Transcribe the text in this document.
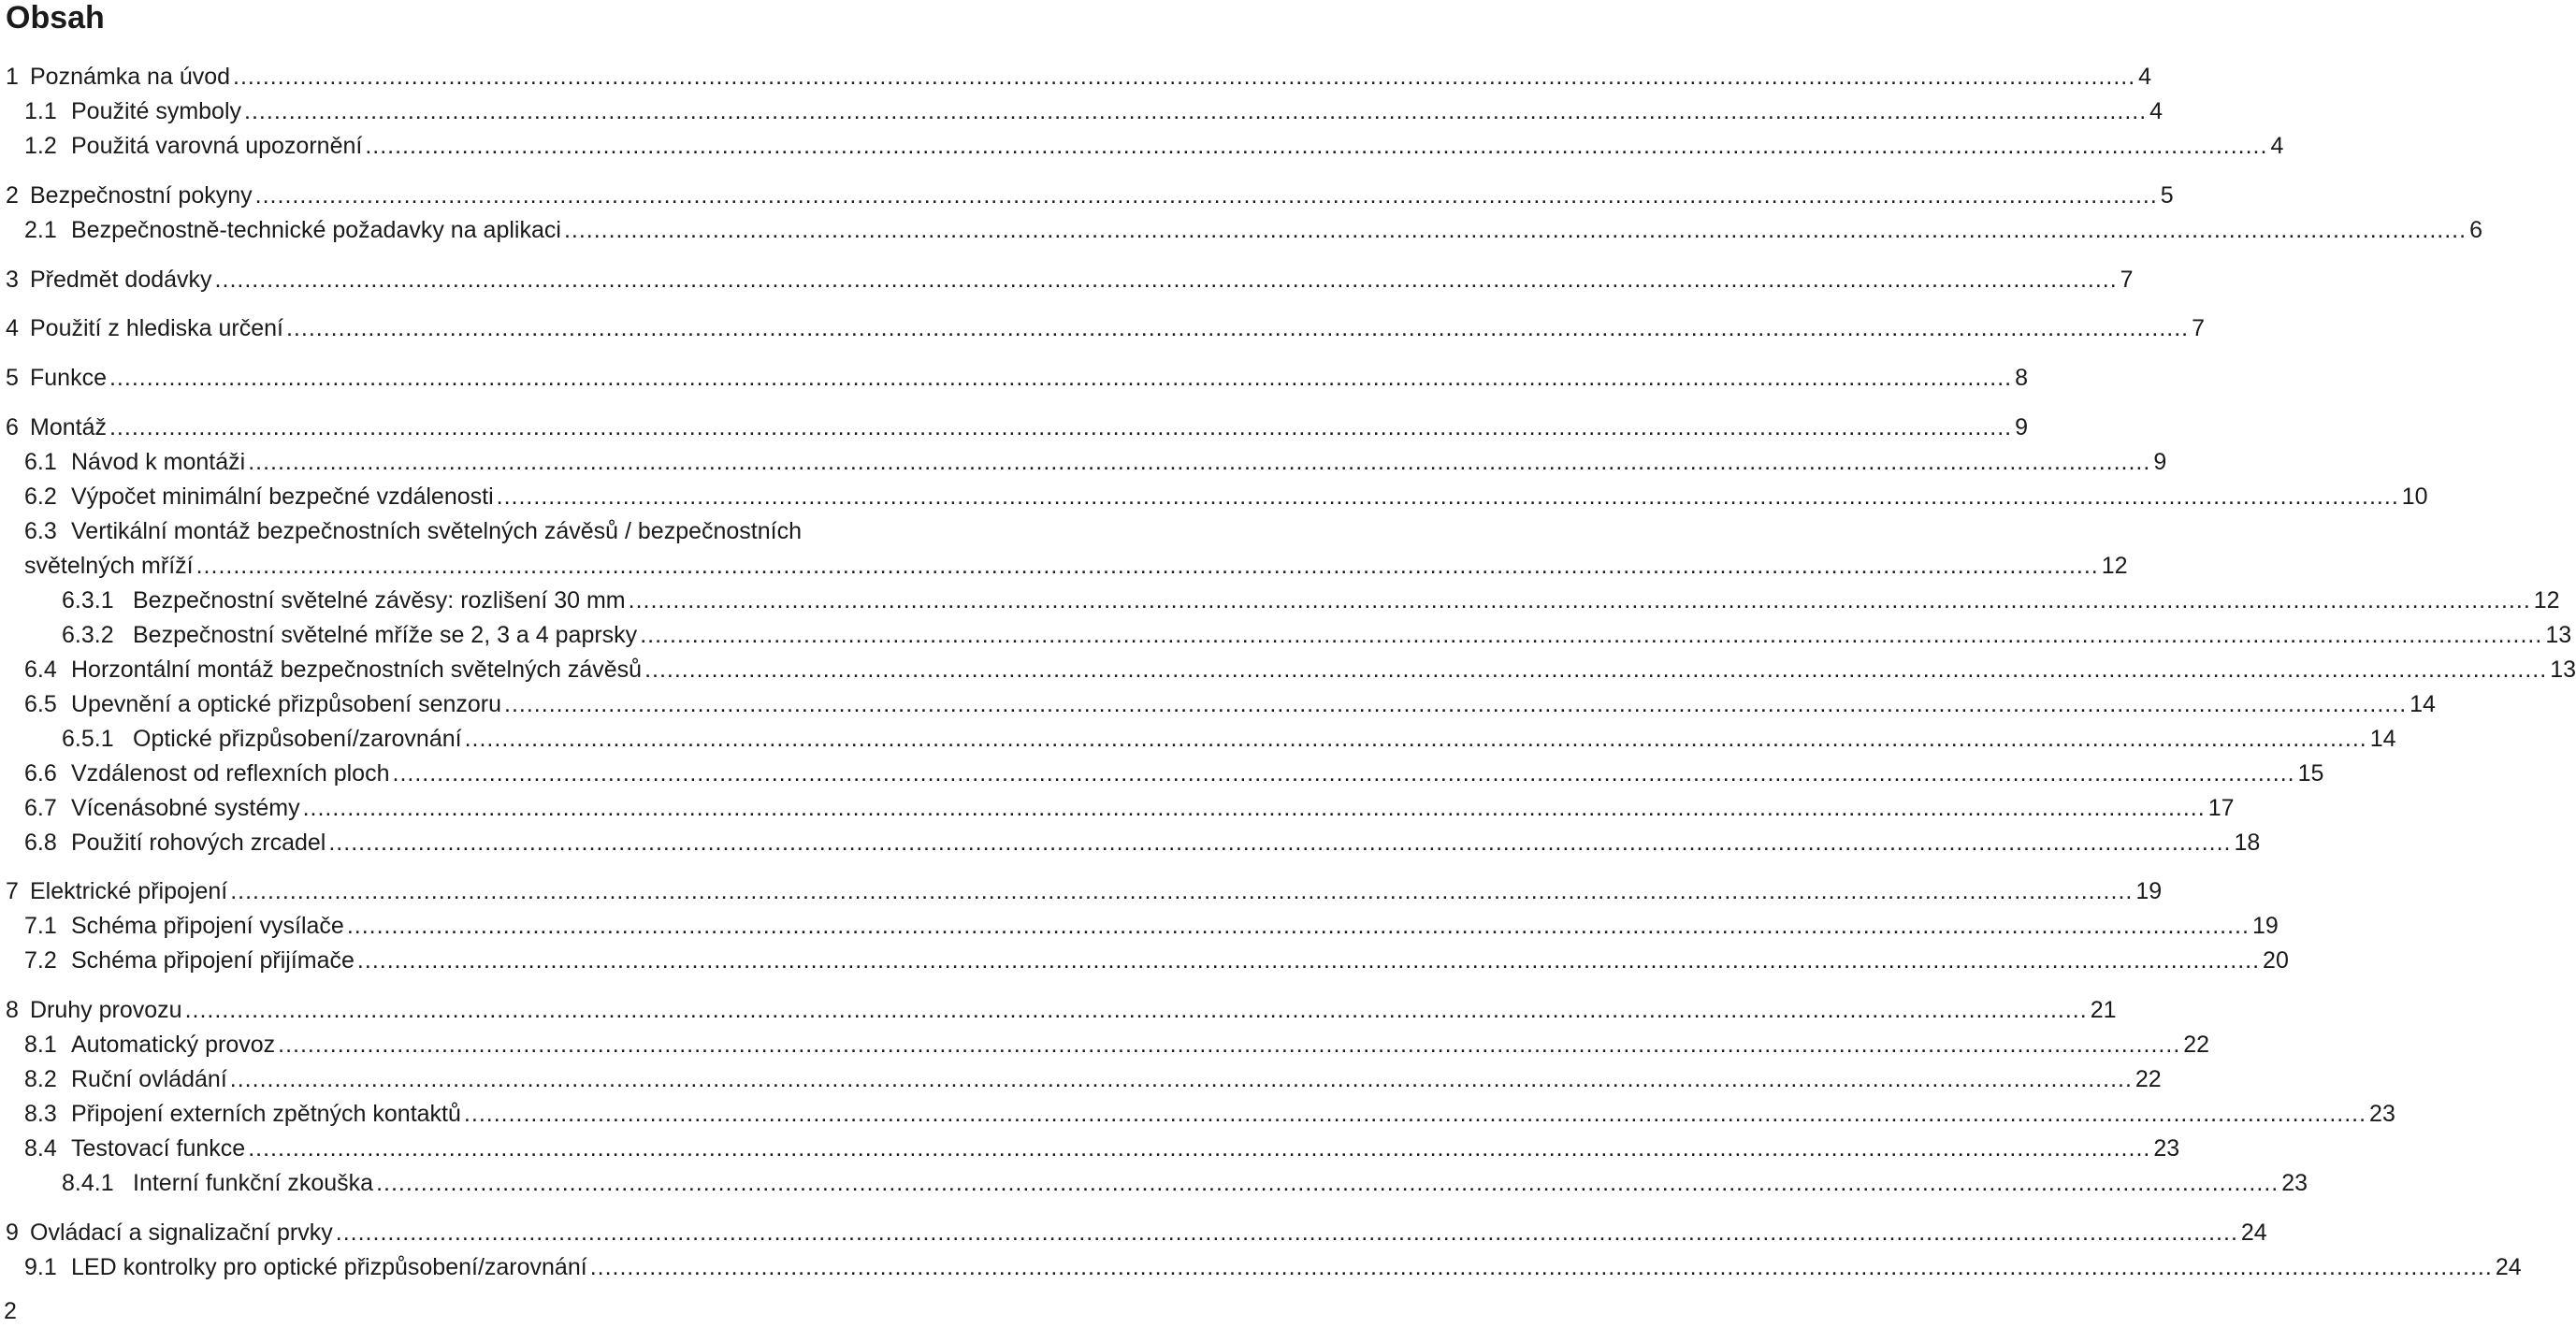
Obsah
1 Poznámka na úvod .....	4
1.1 Použité symboly .....	4
1.2 Použitá varovná upozornění .....	4
2 Bezpečnostní pokyny .....	5
2.1 Bezpečnostně-technické požadavky na aplikaci .....	6
3 Předmět dodávky .....	7
4 Použití z hlediska určení .....	7
5 Funkce .....	8
6 Montáž .....	9
6.1 Návod k montáži .....	9
6.2 Výpočet minimální bezpečné vzdálenosti .....	10
6.3 Vertikální montáž bezpečnostních světelných závěsů / bezpečnostních
světelných mříží .....	12
6.3.1 Bezpečnostní světelné závěsy: rozlišení 30 mm .....	12
6.3.2 Bezpečnostní světelné mříže se 2, 3 a 4 paprsky .....	13
6.4 Horzontální montáž bezpečnostních světelných závěsů .....	13
6.5 Upevnění a optické přizpůsobení senzoru .....	14
6.5.1 Optické přizpůsobení/zarovnání .....	14
6.6 Vzdálenost od reflexních ploch .....	15
6.7 Vícenásobné systémy .....	17
6.8 Použití rohových zrcadel .....	18
7 Elektrické připojení .....	19
7.1 Schéma připojení vysílače .....	19
7.2 Schéma připojení přijímače .....	20
8 Druhy provozu .....	21
8.1 Automatický provoz .....	22
8.2 Ruční ovládání .....	22
8.3 Připojení externích zpětných kontaktů .....	23
8.4 Testovací funkce .....	23
8.4.1 Interní funkční zkouška .....	23
9 Ovládací a signalizační prvky .....	24
9.1 LED kontrolky pro optické přizpůsobení/zarovnání .....	24
2
